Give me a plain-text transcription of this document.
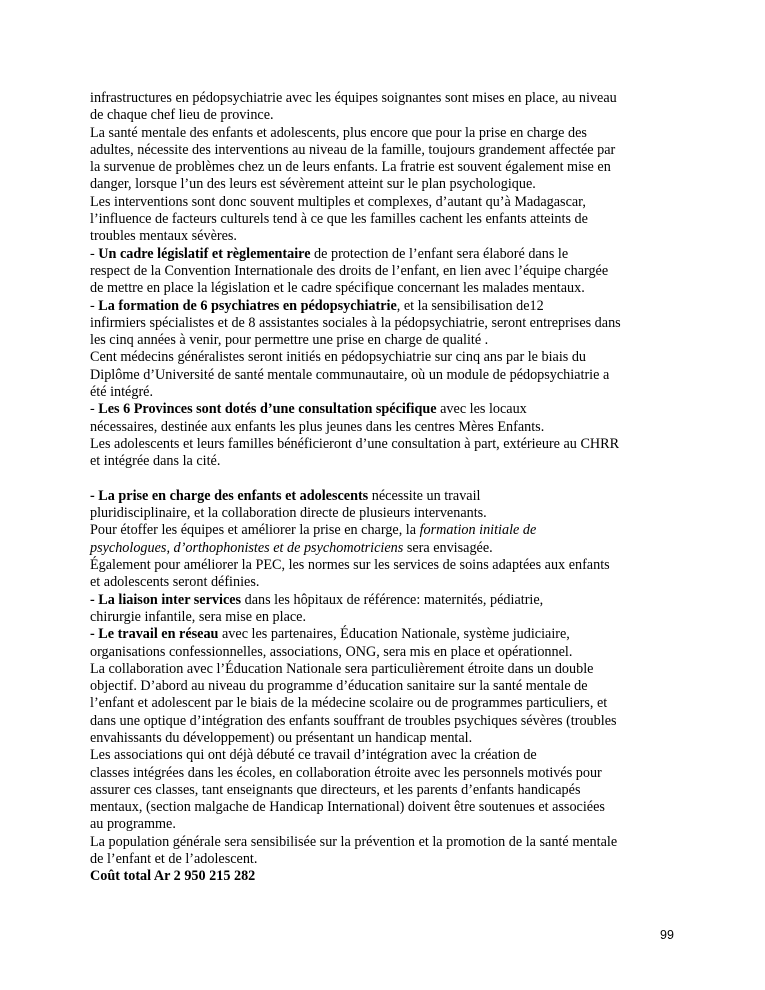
infrastructures en pédopsychiatrie avec les équipes soignantes sont mises en place, au niveau
de chaque chef lieu de province.
La santé mentale des enfants et adolescents, plus encore que pour la prise en charge des
adultes, nécessite des interventions au niveau de la famille, toujours grandement affectée par
la survenue de problèmes chez un de leurs enfants. La fratrie est souvent également mise en
danger, lorsque l’un des leurs est sévèrement atteint sur le plan psychologique.
Les interventions sont donc souvent multiples et complexes, d’autant qu’à Madagascar,
l’influence de facteurs culturels tend à ce que les familles cachent les enfants atteints de
troubles mentaux sévères.
- Un cadre législatif et règlementaire de protection de l’enfant sera élaboré dans le
respect de la Convention Internationale des droits de l’enfant, en lien avec l’équipe chargée
de mettre en place la législation et le cadre spécifique concernant les malades mentaux.
- La formation de 6 psychiatres en pédopsychiatrie, et la sensibilisation de12
infirmiers spécialistes et de 8 assistantes sociales à la pédopsychiatrie, seront entreprises dans
les cinq années à venir, pour permettre une prise en charge de qualité .
Cent médecins généralistes seront initiés en pédopsychiatrie sur cinq ans par le biais du
Diplôme d’Université de santé mentale communautaire, où un module de pédopsychiatrie a
été intégré.
- Les 6 Provinces sont dotés d’une consultation spécifique avec les locaux
nécessaires, destinée aux enfants les plus jeunes dans les centres Mères Enfants.
Les adolescents et leurs familles bénéficieront d’une consultation à part, extérieure au CHRR
et intégrée dans la cité.
- La prise en charge des enfants et adolescents nécessite un travail
pluridisciplinaire, et la collaboration directe de plusieurs intervenants.
Pour étoffer les équipes et améliorer la prise en charge, la formation initiale de
psychologues, d’orthophonistes et de psychomotriciens sera envisagée.
Également pour améliorer la PEC, les normes sur les services de soins adaptées aux enfants
et adolescents seront définies.
- La liaison inter services dans les hôpitaux de référence: maternités, pédiatrie,
chirurgie infantile, sera mise en place.
- Le travail en réseau avec les partenaires, Éducation Nationale, système judiciaire,
organisations confessionnelles, associations, ONG, sera mis en place et opérationnel.
La collaboration avec l’Éducation Nationale sera particulièrement étroite dans un double
objectif. D’abord au niveau du programme d’éducation sanitaire sur la santé mentale de
l’enfant et adolescent par le biais de la médecine scolaire ou de programmes particuliers, et
dans une optique d’intégration des enfants souffrant de troubles psychiques sévères (troubles
envahissants du développement) ou présentant un handicap mental.
Les associations qui ont déjà débuté ce travail d’intégration avec la création de
classes intégrées dans les écoles, en collaboration étroite avec les personnels motivés pour
assurer ces classes, tant enseignants que directeurs, et les parents d’enfants handicapés
mentaux, (section malgache de Handicap International) doivent être soutenues et associées
au programme.
La population générale sera sensibilisée sur la prévention et la promotion de la santé mentale
de l’enfant et de l’adolescent.
Coût total Ar 2 950 215 282
99
